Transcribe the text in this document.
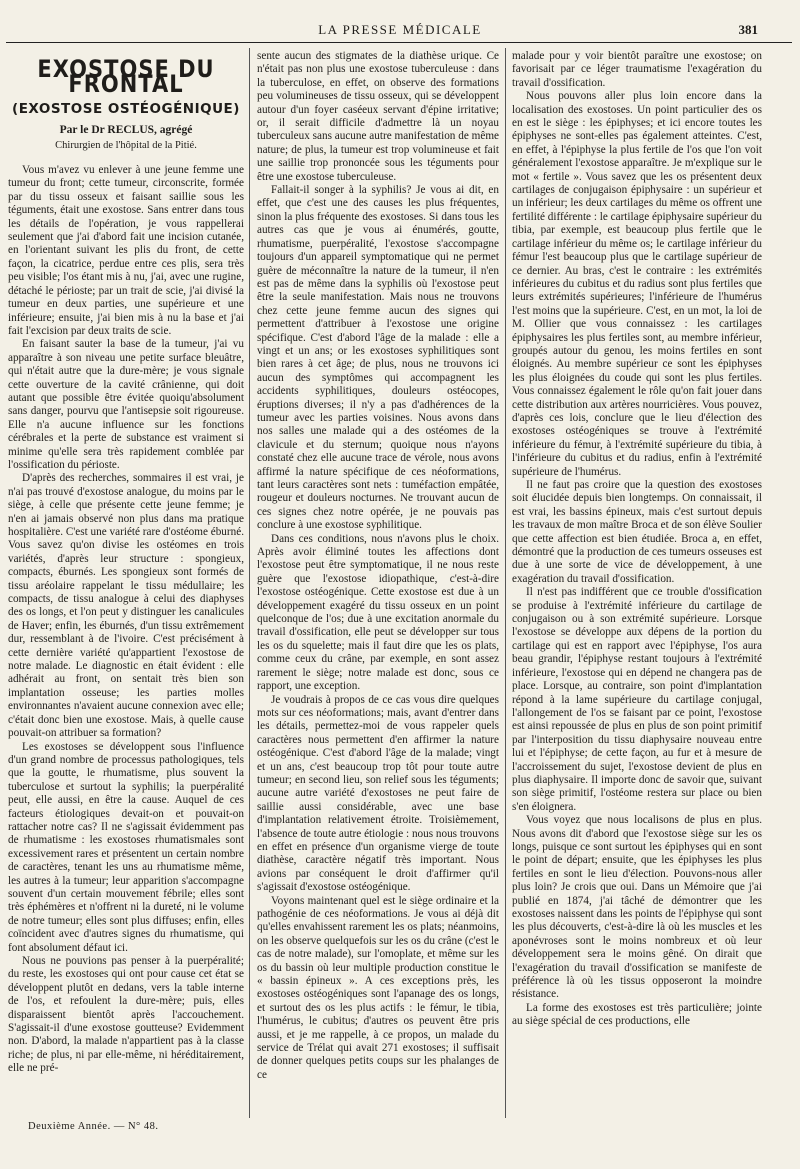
LA PRESSE MÉDICALE	381
EXOSTOSE DU FRONTAL
(EXOSTOSE OSTÉOGÉNIQUE)
Par le Dr RECLUS, agrégé
Chirurgien de l'hôpital de la Pitié.

Vous m'avez vu enlever à une jeune femme une tumeur du front; cette tumeur, circonscrite, formée par du tissu osseux et faisant saillie sous les téguments, était une exostose. Sans entrer dans tous les détails de l'opération, je vous rappellerai seulement que j'ai d'abord fait une incision cutanée, en l'orientant suivant les plis du front, de cette façon, la cicatrice, perdue entre ces plis, sera très peu visible; l'os étant mis à nu, j'ai, avec une rugine, détaché le périoste; par un trait de scie, j'ai divisé la tumeur en deux parties, une supérieure et une inférieure; ensuite, j'ai bien mis à nu la base et j'ai fait l'excision par deux traits de scie.

En faisant sauter la base de la tumeur, j'ai vu apparaître à son niveau une petite surface bleuâtre, qui n'était autre que la dure-mère; je vous signale cette ouverture de la cavité crânienne, qui doit autant que possible être évitée quoiqu'absolument sans danger, pourvu que l'antisepsie soit rigoureuse. Elle n'a aucune influence sur les fonctions cérébrales et la perte de substance est vraiment si minime qu'elle sera très rapidement comblée par l'ossification du périoste.

D'après des recherches, sommaires il est vrai, je n'ai pas trouvé d'exostose analogue, du moins par le siège, à celle que présente cette jeune femme; je n'en ai jamais observé non plus dans ma pratique hospitalière. C'est une variété rare d'ostéome éburné. Vous savez qu'on divise les ostéomes en trois variétés, d'après leur structure : spongieux, compacts, éburnés. Les spongieux sont formés de tissu aréolaire rappelant le tissu médullaire; les compacts, de tissu analogue à celui des diaphyses des os longs, et l'on peut y distinguer les canalicules de Haver; enfin, les éburnés, d'un tissu extrêmement dur, ressemblant à de l'ivoire. C'est précisément à cette dernière variété qu'appartient l'exostose de notre malade. Le diagnostic en était évident : elle adhérait au front, on sentait très bien son implantation osseuse; les parties molles environnantes n'avaient aucune connexion avec elle; c'était donc bien une exostose. Mais, à quelle cause pouvait-on attribuer sa formation?

Les exostoses se développent sous l'influence d'un grand nombre de processus pathologiques, tels que la goutte, le rhumatisme, plus souvent la tuberculose et surtout la syphilis; la puerpéralité peut, elle aussi, en être la cause. Auquel de ces facteurs étiologiques devait-on et pouvait-on rattacher notre cas? Il ne s'agissait évidemment pas de rhumatisme : les exostoses rhumatismales sont excessivement rares et présentent un certain nombre de caractères, tenant les uns au rhumatisme même, les autres à la tumeur; leur apparition s'accompagne souvent d'un certain mouvement fébrile; elles sont très éphémères et n'offrent ni la dureté, ni le volume de notre tumeur; elles sont plus diffuses; enfin, elles coïncident avec d'autres signes du rhumatisme, qui font absolument défaut ici.

Nous ne pouvions pas penser à la puerpéralité; du reste, les exostoses qui ont pour cause cet état se développent plutôt en dedans, vers la table interne de l'os, et refoulent la dure-mère; puis, elles disparaissent bientôt après l'accouchement. S'agissait-il d'une exostose goutteuse? Evidemment non. D'abord, la malade n'appartient pas à la classe riche; de plus, ni par elle-même, ni héréditairement, elle ne pré-

sente aucun des stigmates de la diathèse urique. Ce n'était pas non plus une exostose tuberculeuse : dans la tuberculose, en effet, on observe des formations peu volumineuses de tissu osseux, qui se développent autour d'un foyer caséeux servant d'épine irritative; or, il serait difficile d'admettre là un noyau tuberculeux sans aucune autre manifestation de même nature; de plus, la tumeur est trop volumineuse et fait une saillie trop prononcée sous les téguments pour être une exostose tuberculeuse.

Fallait-il songer à la syphilis? Je vous ai dit, en effet, que c'est une des causes les plus fréquentes, sinon la plus fréquente des exostoses. Si dans tous les autres cas que je vous ai énumérés, goutte, rhumatisme, puerpéralité, l'exostose s'accompagne toujours d'un appareil symptomatique qui ne permet guère de méconnaître la nature de la tumeur, il n'en est pas de même dans la syphilis où l'exostose peut être la seule manifestation. Mais nous ne trouvons chez cette jeune femme aucun des signes qui permettent d'attribuer à l'exostose une origine spécifique. C'est d'abord l'âge de la malade : elle a vingt et un ans; or les exostoses syphilitiques sont bien rares à cet âge; de plus, nous ne trouvons ici aucun des symptômes qui accompagnent les accidents syphilitiques, douleurs ostéocopes, éruptions diverses; il n'y a pas d'adhérences de la tumeur avec les parties voisines. Nous avons dans nos salles une malade qui a des ostéomes de la clavicule et du sternum; quoique nous n'ayons constaté chez elle aucune trace de vérole, nous avons affirmé la nature spécifique de ces néoformations, tant leurs caractères sont nets : tuméfaction empâtée, rougeur et douleurs nocturnes. Ne trouvant aucun de ces signes chez notre opérée, je ne pouvais pas conclure à une exostose syphilitique.

Dans ces conditions, nous n'avons plus le choix. Après avoir éliminé toutes les affections dont l'exostose peut être symptomatique, il ne nous reste guère que l'exostose idiopathique, c'est-à-dire l'exostose ostéogénique. Cette exostose est due à un développement exagéré du tissu osseux en un point quelconque de l'os; due à une excitation anormale du travail d'ossification, elle peut se développer sur tous les os du squelette; mais il faut dire que les os plats, comme ceux du crâne, par exemple, en sont assez rarement le siège; notre malade est donc, sous ce rapport, une exception.

Je voudrais à propos de ce cas vous dire quelques mots sur ces néoformations; mais, avant d'entrer dans les détails, permettez-moi de vous rappeler quels caractères nous permettent d'en affirmer la nature ostéogénique. C'est d'abord l'âge de la malade; vingt et un ans, c'est beaucoup trop tôt pour toute autre tumeur; en second lieu, son relief sous les téguments; aucune autre variété d'exostoses ne peut faire de saillie aussi considérable, avec une base d'implantation relativement étroite. Troisièmement, l'absence de toute autre étiologie : nous nous trouvons en effet en présence d'un organisme vierge de toute diathèse, caractère négatif très important. Nous avions par conséquent le droit d'affirmer qu'il s'agissait d'exostose ostéogénique.

Voyons maintenant quel est le siège ordinaire et la pathogénie de ces néoformations. Je vous ai déjà dit qu'elles envahissent rarement les os plats; néanmoins, on les observe quelquefois sur les os du crâne (c'est le cas de notre malade), sur l'omoplate, et même sur les os du bassin où leur multiple production constitue le « bassin épineux ». A ces exceptions près, les exostoses ostéogéniques sont l'apanage des os longs, et surtout des os les plus actifs : le fémur, le tibia, l'humérus, le cubitus; d'autres os peuvent être pris aussi, et je me rappelle, à ce propos, un malade du service de Trélat qui avait 271 exostoses; il suffisait de donner quelques petits coups sur les phalanges de ce

malade pour y voir bientôt paraître une exostose; on favorisait par ce léger traumatisme l'exagération du travail d'ossification.

Nous pouvons aller plus loin encore dans la localisation des exostoses. Un point particulier des os en est le siège : les épiphyses; et ici encore toutes les épiphyses ne sont-elles pas également atteintes. C'est, en effet, à l'épiphyse la plus fertile de l'os que l'on voit généralement l'exostose apparaître. Je m'explique sur le mot « fertile ». Vous savez que les os présentent deux cartilages de conjugaison épiphysaire : un supérieur et un inférieur; les deux cartilages du même os offrent une fertilité différente : le cartilage épiphysaire supérieur du tibia, par exemple, est beaucoup plus fertile que le cartilage inférieur du même os; le cartilage inférieur du fémur l'est beaucoup plus que le cartilage supérieur de ce dernier. Au bras, c'est le contraire : les extrémités inférieures du cubitus et du radius sont plus fertiles que leurs extrémités supérieures; l'inférieure de l'humérus l'est moins que la supérieure. C'est, en un mot, la loi de M. Ollier que vous connaissez : les cartilages épiphysaires les plus fertiles sont, au membre inférieur, groupés autour du genou, les moins fertiles en sont éloignés. Au membre supérieur ce sont les épiphyses les plus éloignées du coude qui sont les plus fertiles. Vous connaissez également le rôle qu'on fait jouer dans cette distribution aux artères nourricières. Vous pouvez, d'après ces lois, conclure que le lieu d'élection des exostoses ostéogéniques se trouve à l'extrémité inférieure du fémur, à l'extrémité supérieure du tibia, à l'inférieure du cubitus et du radius, enfin à l'extrémité supérieure de l'humérus.

Il ne faut pas croire que la question des exostoses soit élucidée depuis bien longtemps. On connaissait, il est vrai, les bassins épineux, mais c'est surtout depuis les travaux de mon maître Broca et de son élève Soulier que cette affection est bien étudiée. Broca a, en effet, démontré que la production de ces tumeurs osseuses est due à une sorte de vice de développement, à une exagération du travail d'ossification.

Il n'est pas indifférent que ce trouble d'ossification se produise à l'extrémité inférieure du cartilage de conjugaison ou à son extrémité supérieure. Lorsque l'exostose se développe aux dépens de la portion du cartilage qui est en rapport avec l'épiphyse, l'os aura beau grandir, l'épiphyse restant toujours à l'extrémité inférieure, l'exostose qui en dépend ne changera pas de place. Lorsque, au contraire, son point d'implantation répond à la lame supérieure du cartilage conjugal, l'allongement de l'os se faisant par ce point, l'exostose est ainsi repoussée de plus en plus de son point primitif par l'interposition du tissu diaphysaire nouveau entre lui et l'épiphyse; de cette façon, au fur et à mesure de l'accroissement du sujet, l'exostose devient de plus en plus diaphysaire. Il importe donc de savoir que, suivant son siège primitif, l'ostéome restera sur place ou bien s'en éloignera.

Vous voyez que nous localisons de plus en plus. Nous avons dit d'abord que l'exostose siège sur les os longs, puisque ce sont surtout les épiphyses qui en sont le point de départ; ensuite, que les épiphyses les plus fertiles en sont le lieu d'élection. Pouvons-nous aller plus loin? Je crois que oui. Dans un Mémoire que j'ai publié en 1874, j'ai tâché de démontrer que les exostoses naissent dans les points de l'épiphyse qui sont les plus découverts, c'est-à-dire là où les muscles et les aponévroses sont le moins nombreux et où leur développement sera le moins gêné. On dirait que l'exagération du travail d'ossification se manifeste de préférence là où les tissus opposeront la moindre résistance.

La forme des exostoses est très particulière; jointe au siège spécial de ces productions, elle

Deuxième Année. — N° 48.
